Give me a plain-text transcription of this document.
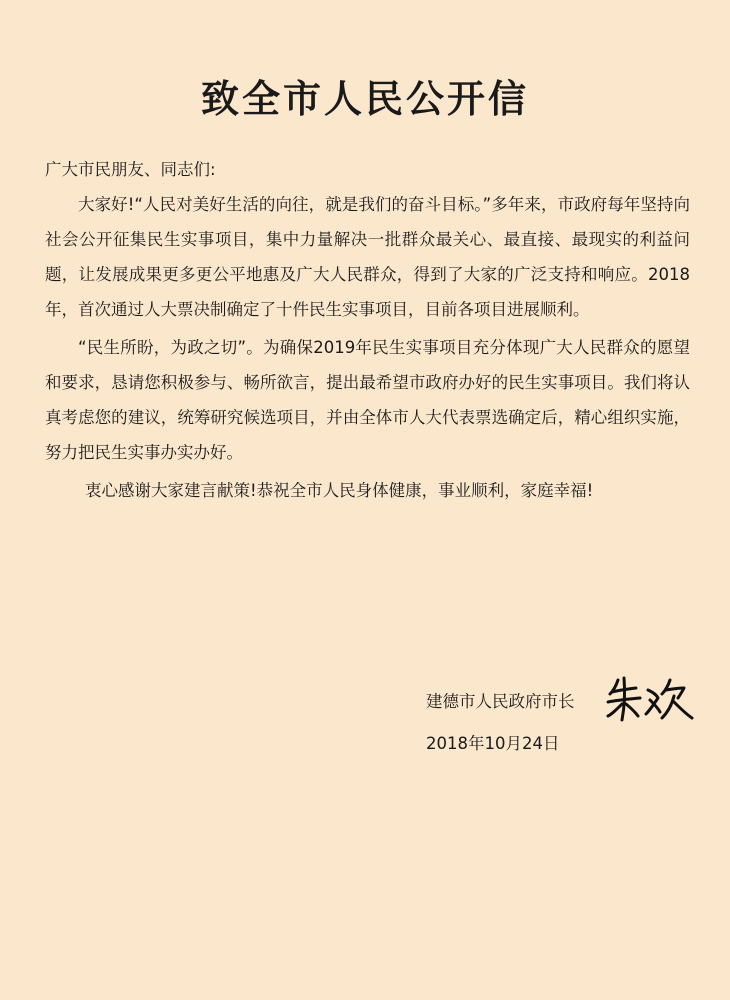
致全市人民公开信

广大市民朋友、同志们:

大家好!“人民对美好生活的向往，就是我们的奋斗目标。”多年来，市政府每年坚持向社会公开征集民生实事项目，集中力量解决一批群众最关心、最直接、最现实的利益问题，让发展成果更多更公平地惠及广大人民群众，得到了大家的广泛支持和响应。2018年，首次通过人大票决制确定了十件民生实事项目，目前各项目进展顺利。

“民生所盼，为政之切”。为确保2019年民生实事项目充分体现广大人民群众的愿望和要求，恳请您积极参与、畅所欲言，提出最希望市政府办好的民生实事项目。我们将认真考虑您的建议，统筹研究候选项目，并由全体市人大代表票选确定后，精心组织实施，努力把民生实事办实办好。

衷心感谢大家建言献策!恭祝全市人民身体健康，事业顺利，家庭幸福!

建德市人民政府市长
2018年10月24日
